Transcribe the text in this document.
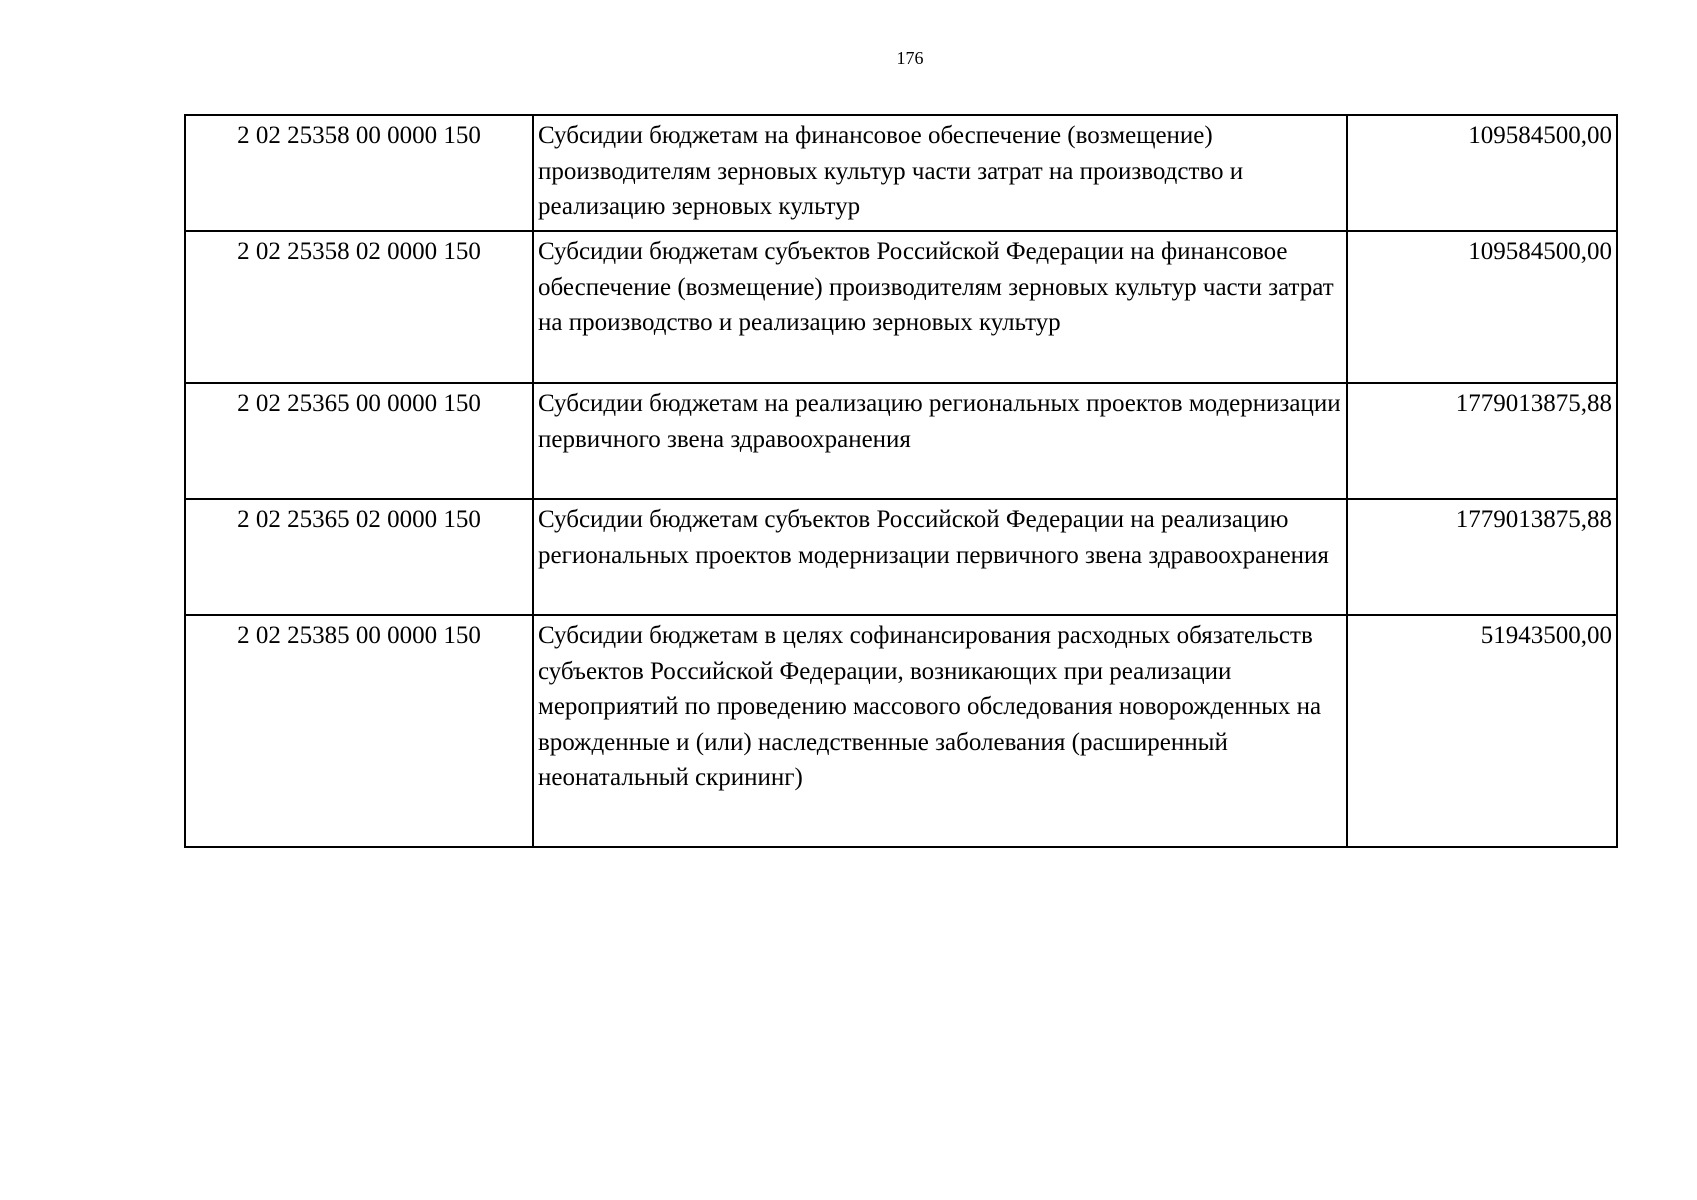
176
2 02 25358 00 0000 150	Субсидии бюджетам на финансовое обеспечение (возмещение) производителям зерновых культур части затрат на производство и реализацию зерновых культур	109584500,00
2 02 25358 02 0000 150	Субсидии бюджетам субъектов Российской Федерации на финансовое обеспечение (возмещение) производителям зерновых культур части затрат на производство и реализацию зерновых культур	109584500,00
2 02 25365 00 0000 150	Субсидии бюджетам на реализацию региональных проектов модернизации первичного звена здравоохранения	1779013875,88
2 02 25365 02 0000 150	Субсидии бюджетам субъектов Российской Федерации на реализацию региональных проектов модернизации первичного звена здравоохранения	1779013875,88
2 02 25385 00 0000 150	Субсидии бюджетам в целях софинансирования расходных обязательств субъектов Российской Федерации, возникающих при реализации мероприятий по проведению массового обследования новорожденных на врожденные и (или) наследственные заболевания (расширенный неонатальный скрининг)	51943500,00
